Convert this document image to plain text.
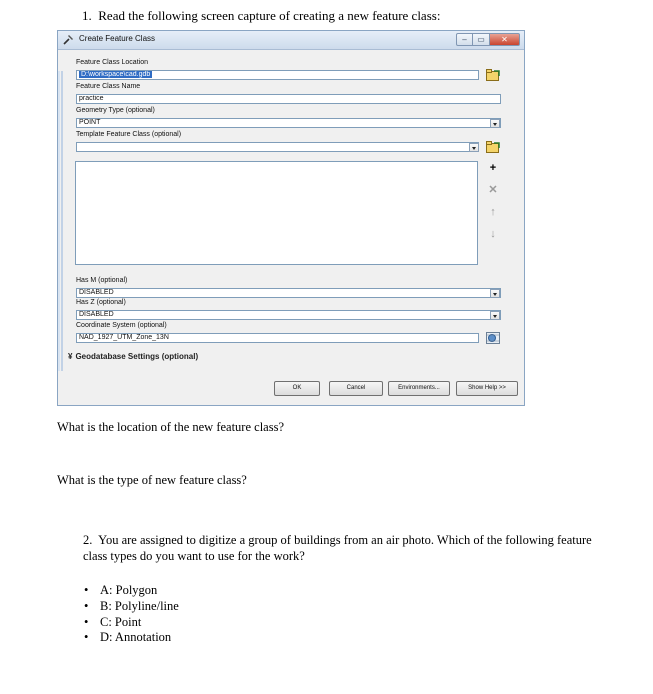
1. Read the following screen capture of creating a new feature class:
Create Feature Class	–	▭	✕
Feature Class Location
D:\workspace\cad.gdb
Feature Class Name
practice
Geometry Type (optional)
POINT
Template Feature Class (optional)
+
✕
↑
↓
Has M (optional)
DISABLED
Has Z (optional)
DISABLED
Coordinate System (optional)
NAD_1927_UTM_Zone_13N
¥ Geodatabase Settings (optional)
OK	Cancel	Environments...	Show Help >>
What is the location of the new feature class?
What is the type of new feature class?
2. You are assigned to digitize a group of buildings from an air photo. Which of the following feature class types do you want to use for the work?
• A: Polygon
• B: Polyline/line
• C: Point
• D: Annotation
